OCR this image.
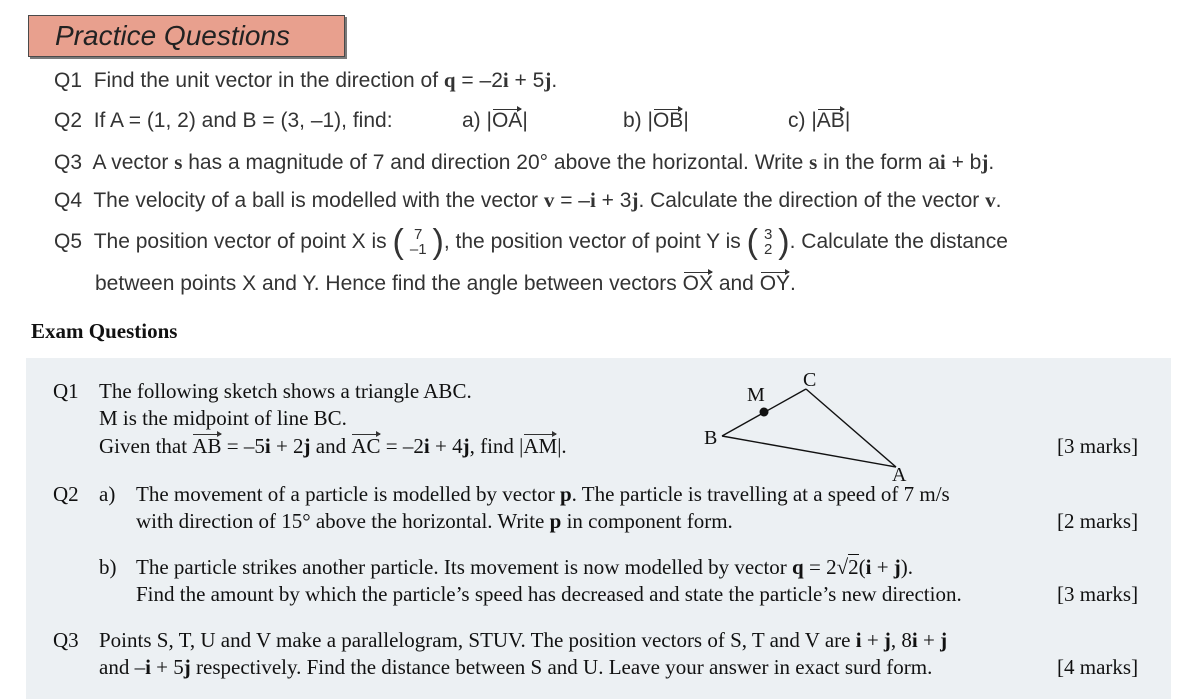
Practice Questions
Q1 Find the unit vector in the direction of q = –2i + 5j.
Q2 If A = (1, 2) and B = (3, –1), find:	a) |OA|	b) |OB|	c) |AB|
Q3 A vector s has a magnitude of 7 and direction 20° above the horizontal. Write s in the form ai + bj.
Q4 The velocity of a ball is modelled with the vector v = –i + 3j. Calculate the direction of the vector v.
Q5
The position vector of point X is
( 7
–1 ) , the position vector of point Y is
( 3
2 ) . Calculate the distance
between points X and Y. Hence find the angle between vectors OX and OY.
Exam Questions
Q1 The following sketch shows a triangle ABC.
M is the midpoint of line BC.
Given that AB = –5i + 2j and AC = –2i + 4j, find |AM|.	[3 marks]
B
M
C
A
Q2 a) The movement of a particle is modelled by vector p. The particle is travelling at a speed of 7 m/s
with direction of 15° above the horizontal. Write p in component form.	[2 marks]
b) The particle strikes another particle. Its movement is now modelled by vector q = 2√2(i + j).
Find the amount by which the particle’s speed has decreased and state the particle’s new direction.	[3 marks]
Q3 Points S, T, U and V make a parallelogram, STUV. The position vectors of S, T and V are i + j, 8i + j
and –i + 5j respectively. Find the distance between S and U. Leave your answer in exact surd form.	[4 marks]
